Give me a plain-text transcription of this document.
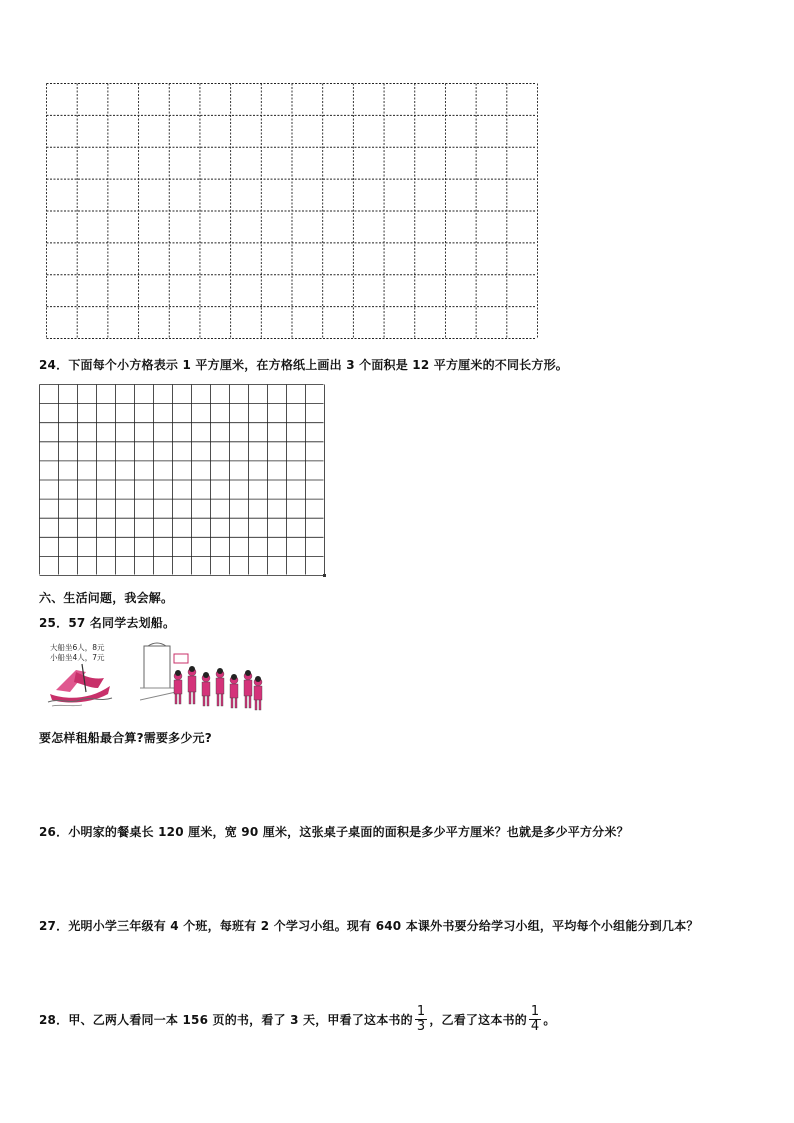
24．下面每个小方格表示 1 平方厘米，在方格纸上画出 3 个面积是 12 平方厘米的不同长方形。
六、生活问题，我会解。
25．57 名同学去划船。
大船坐6人，8元
小船坐4人，7元
要怎样租船最合算?需要多少元?
26．小明家的餐桌长 120 厘米，宽 90 厘米，这张桌子桌面的面积是多少平方厘米？也就是多少平方分米？
27．光明小学三年级有 4 个班，每班有 2 个学习小组。现有 640 本课外书要分给学习小组，平均每个小组能分到几本？
28． 甲、乙两人看同一本 156 页的书，看了 3 天，甲看了这本书的 $\frac{1}{3}$ ，乙看了这本书的 $\frac{1}{4}$ 。
